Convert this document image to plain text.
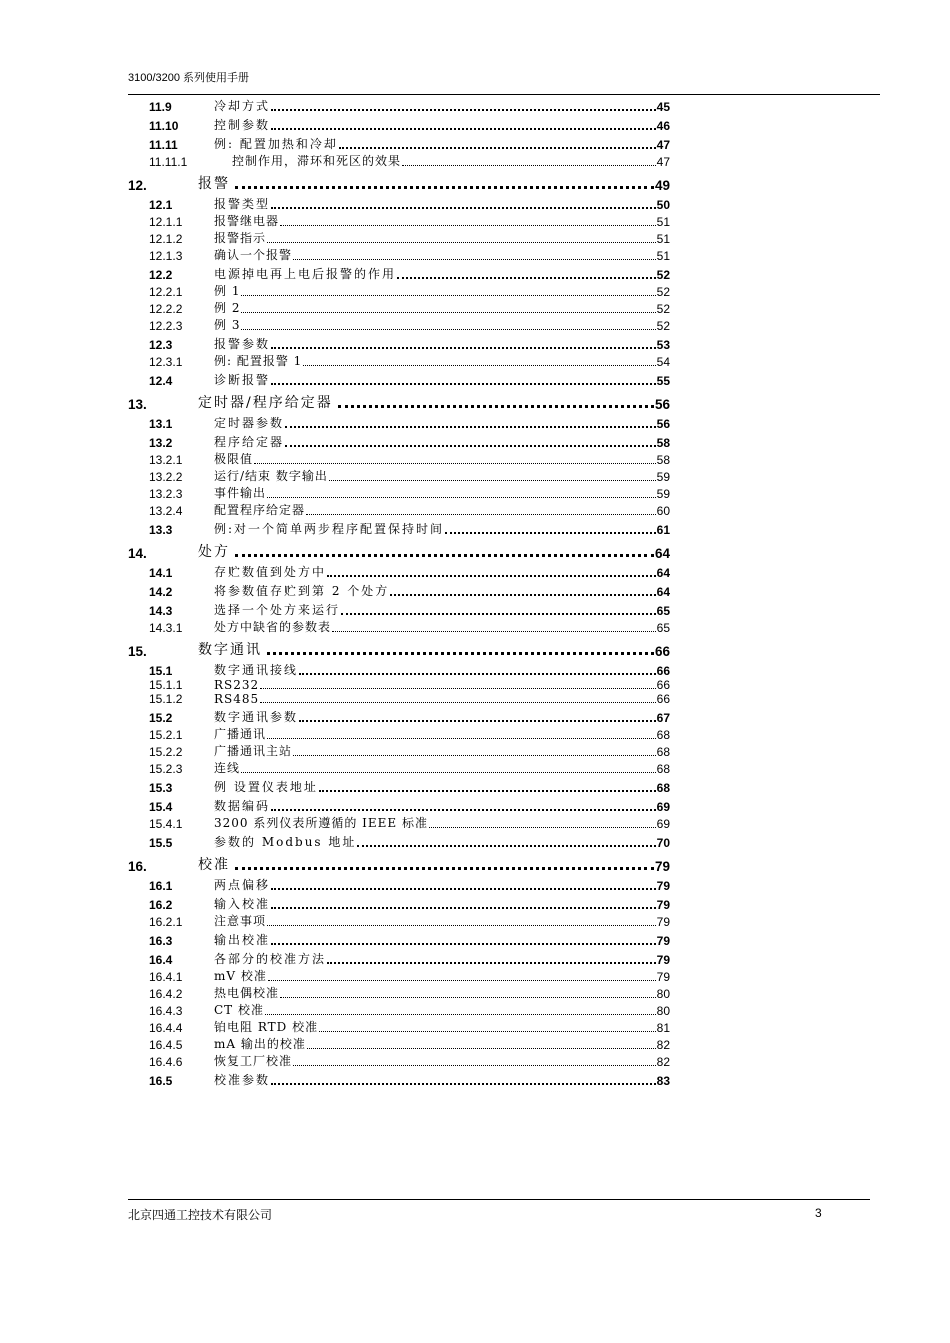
3100/3200 系列使用手册
11.9	冷却方式	45
11.10	控制参数	46
11.11	例: 配置加热和冷却	47
11.11.1	控制作用，滞环和死区的效果	47
12.	报警	49
12.1	报警类型	50
12.1.1	报警继电器	51
12.1.2	报警指示	51
12.1.3	确认一个报警	51
12.2	电源掉电再上电后报警的作用	52
12.2.1	例 1	52
12.2.2	例 2	52
12.2.3	例 3	52
12.3	报警参数	53
12.3.1	例: 配置报警 1	54
12.4	诊断报警	55
13.	定时器/程序给定器	56
13.1	定时器参数	56
13.2	程序给定器	58
13.2.1	极限值	58
13.2.2	运行/结束 数字输出	59
13.2.3	事件输出	59
13.2.4	配置程序给定器	60
13.3	例:对一个简单两步程序配置保持时间	61
14.	处方	64
14.1	存贮数值到处方中	64
14.2	将参数值存贮到第 2 个处方	64
14.3	选择一个处方来运行	65
14.3.1	处方中缺省的参数表	65
15.	数字通讯	66
15.1	数字通讯接线	66
15.1.1	RS232	66
15.1.2	RS485	66
15.2	数字通讯参数	67
15.2.1	广播通讯	68
15.2.2	广播通讯主站	68
15.2.3	连线	68
15.3	例 设置仪表地址	68
15.4	数据编码	69
15.4.1	3200 系列仪表所遵循的 IEEE 标准	69
15.5	参数的 Modbus 地址	70
16.	校准	79
16.1	两点偏移	79
16.2	输入校准	79
16.2.1	注意事项	79
16.3	输出校准	79
16.4	各部分的校准方法	79
16.4.1	mV 校准	79
16.4.2	热电偶校准	80
16.4.3	CT 校准	80
16.4.4	铂电阻 RTD 校准	81
16.4.5	mA 输出的校准	82
16.4.6	恢复工厂校准	82
16.5	校准参数	83
北京四通工控技术有限公司	3
